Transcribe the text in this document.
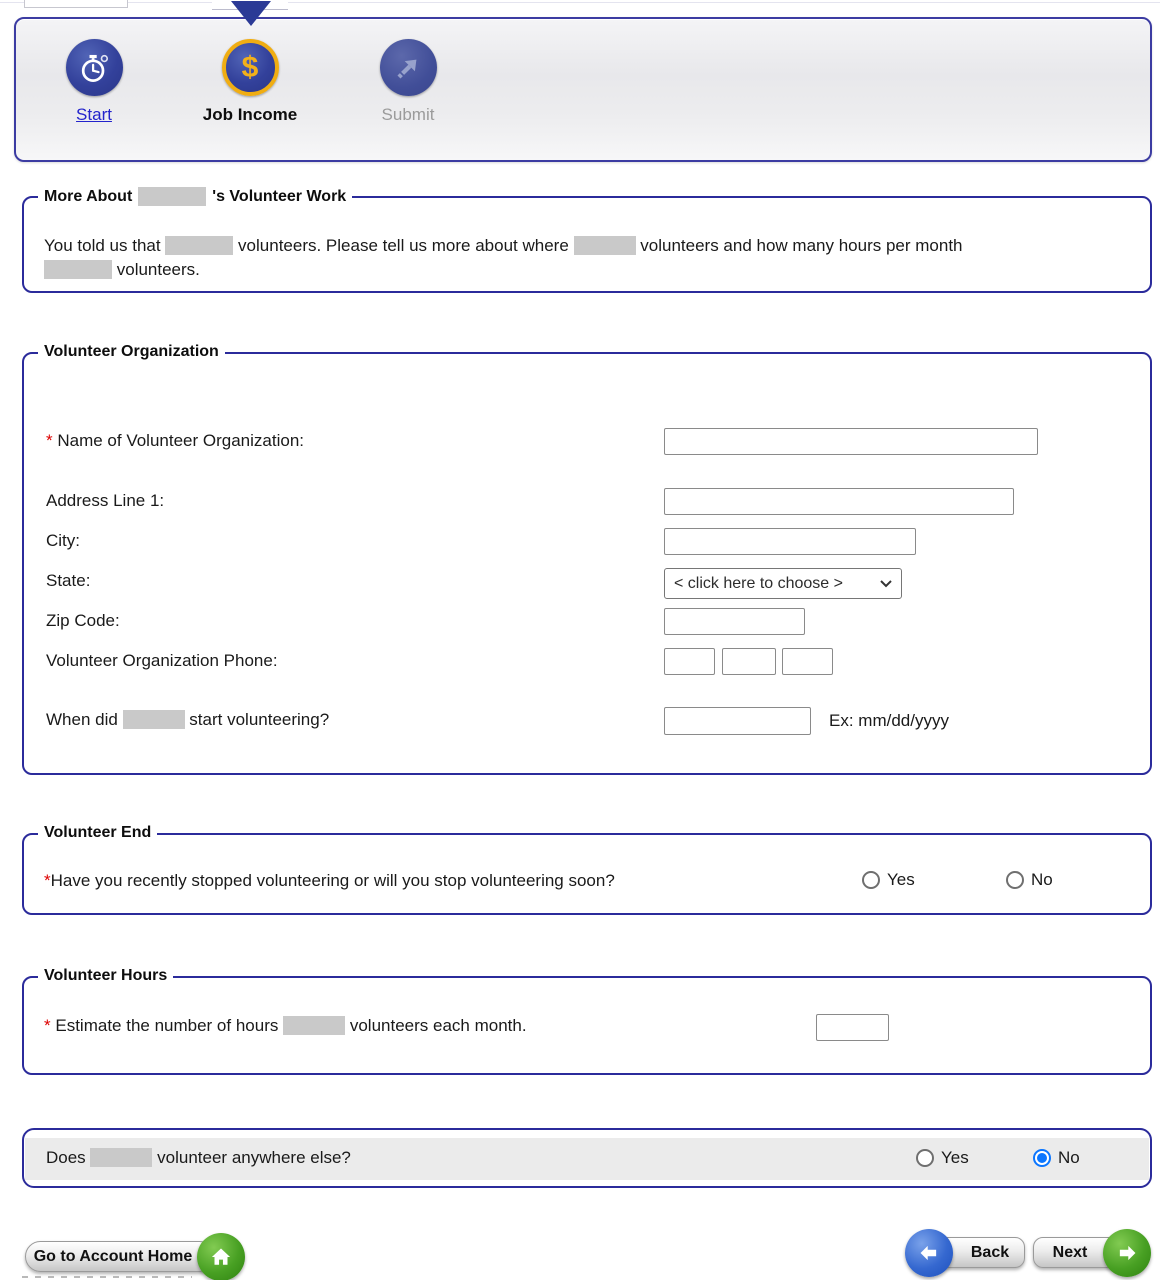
Start
$
Job Income	Submit
More About	's Volunteer Work
You told us that	volunteers. Please tell us more about where	volunteers and how many hours per month
volunteers.
Volunteer Organization
* Name of Volunteer Organization:
Address Line 1:
City:
State:	< click here to choose >
Zip Code:
Volunteer Organization Phone:
When did	start volunteering?	Ex: mm/dd/yyyy
Volunteer End
*Have you recently stopped volunteering or will you stop volunteering soon?	Yes	No
Volunteer Hours
* Estimate the number of hours	volunteers each month.
Does	volunteer anywhere else?	Yes	No
Go to Account Home	Back	Next
